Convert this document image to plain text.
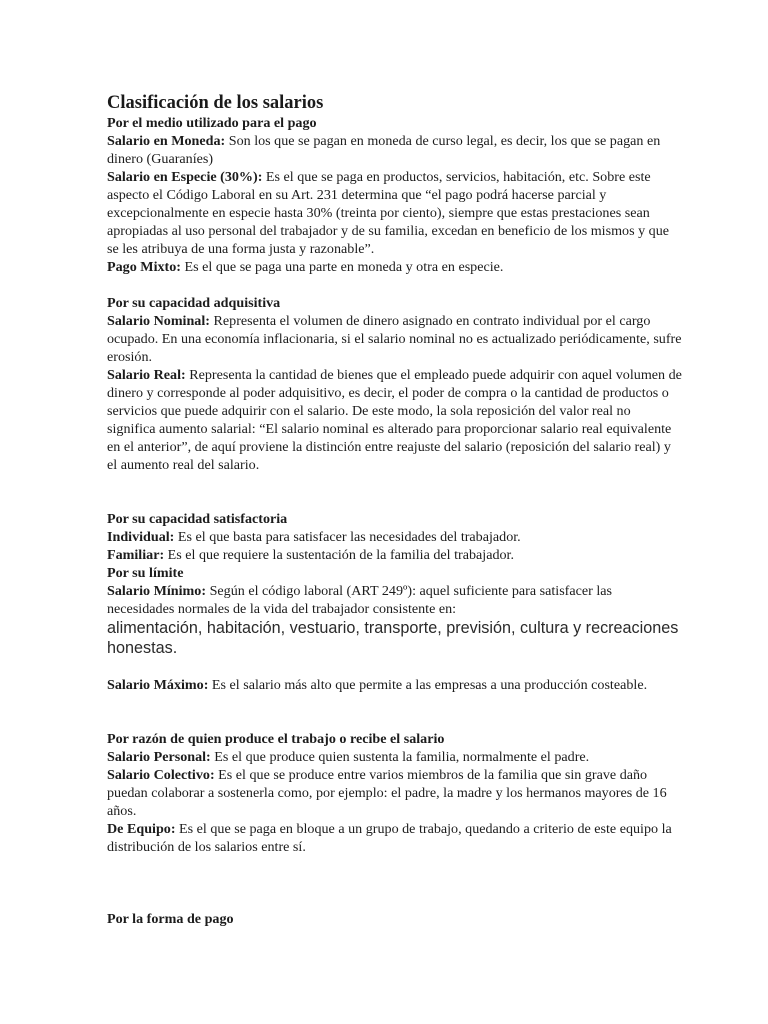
Clasificación de los salarios
Por el medio utilizado para el pago

Salario en Moneda: Son los que se pagan en moneda de curso legal, es decir, los que se pagan en dinero (Guaraníes)

Salario en Especie (30%): Es el que se paga en productos, servicios, habitación, etc. Sobre este aspecto el Código Laboral en su Art. 231 determina que “el pago podrá hacerse parcial y excepcionalmente en especie hasta 30% (treinta por ciento), siempre que estas prestaciones sean apropiadas al uso personal del trabajador y de su familia, excedan en beneficio de los mismos y que se les atribuya de una forma justa y razonable”.

Pago Mixto: Es el que se paga una parte en moneda y otra en especie.

Por su capacidad adquisitiva

Salario Nominal: Representa el volumen de dinero asignado en contrato individual por el cargo ocupado. En una economía inflacionaria, si el salario nominal no es actualizado periódicamente, sufre erosión.

Salario Real: Representa la cantidad de bienes que el empleado puede adquirir con aquel volumen de dinero y corresponde al poder adquisitivo, es decir, el poder de compra o la cantidad de productos o servicios que puede adquirir con el salario. De este modo, la sola reposición del valor real no significa aumento salarial: “El salario nominal es alterado para proporcionar salario real equivalente en el anterior”, de aquí proviene la distinción entre reajuste del salario (reposición del salario real) y el aumento real del salario.

Por su capacidad satisfactoria

Individual: Es el que basta para satisfacer las necesidades del trabajador.

Familiar: Es el que requiere la sustentación de la familia del trabajador.

Por su límite

Salario Mínimo: Según el código laboral (ART 249º): aquel suficiente para satisfacer las necesidades normales de la vida del trabajador consistente en:

alimentación, habitación, vestuario, transporte, previsión, cultura y recreaciones honestas.

Salario Máximo: Es el salario más alto que permite a las empresas a una producción costeable.

Por razón de quien produce el trabajo o recibe el salario

Salario Personal: Es el que produce quien sustenta la familia, normalmente el padre.

Salario Colectivo: Es el que se produce entre varios miembros de la familia que sin grave daño puedan colaborar a sostenerla como, por ejemplo: el padre, la madre y los hermanos mayores de 16 años.

De Equipo: Es el que se paga en bloque a un grupo de trabajo, quedando a criterio de este equipo la distribución de los salarios entre sí.

Por la forma de pago
